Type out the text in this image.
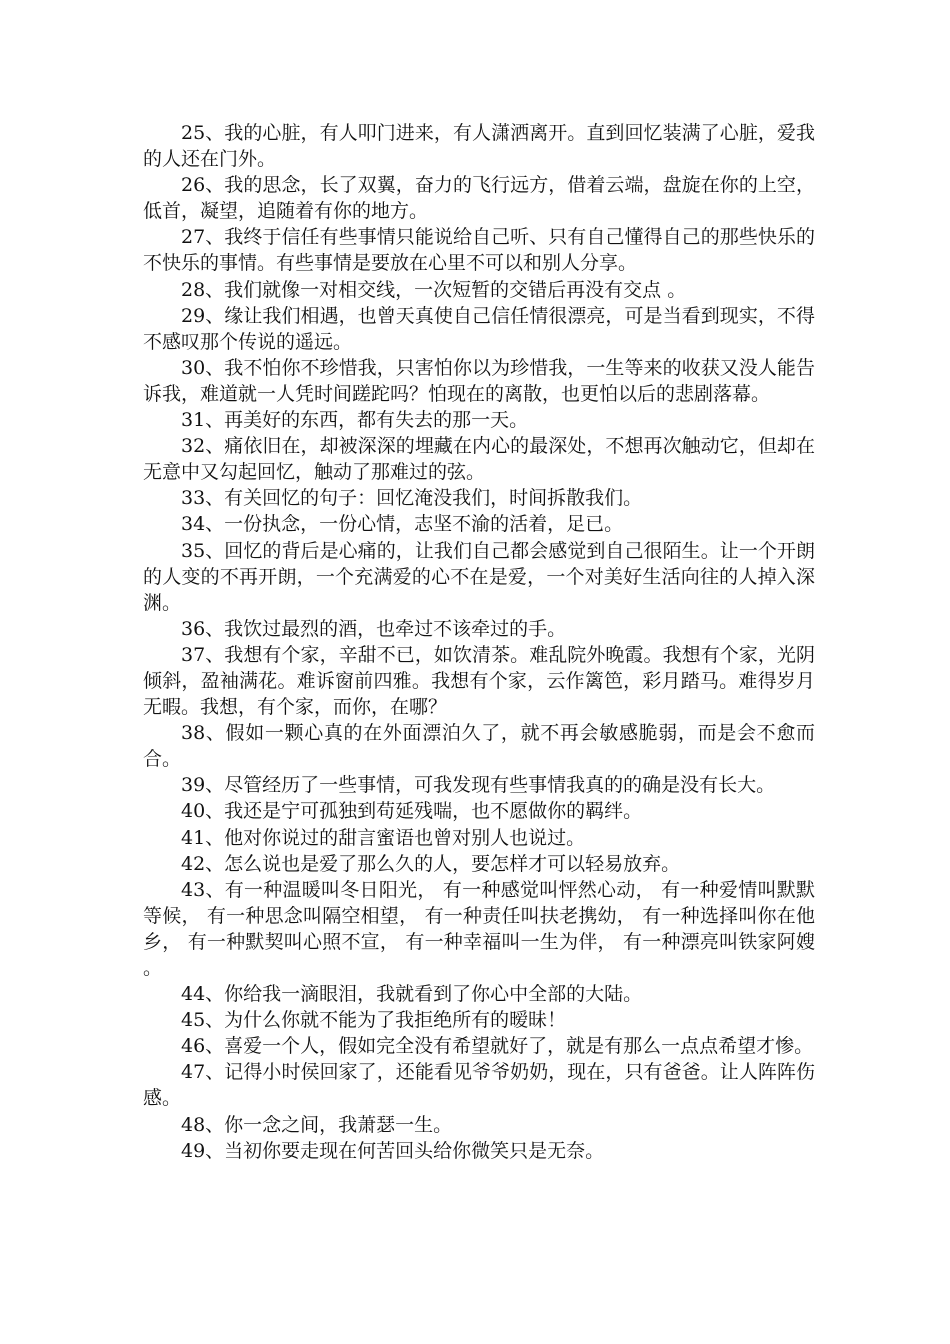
25、我的心脏，有人叩门进来，有人潇洒离开。直到回忆装满了心脏，爱我的人还在门外。

26、我的思念，长了双翼，奋力的飞行远方，借着云端，盘旋在你的上空，低首，凝望，追随着有你的地方。

27、我终于信任有些事情只能说给自己听、只有自己懂得自己的那些快乐的不快乐的事情。有些事情是要放在心里不可以和别人分享。

28、我们就像一对相交线，一次短暂的交错后再没有交点 。

29、缘让我们相遇，也曾天真使自己信任情很漂亮，可是当看到现实，不得不感叹那个传说的遥远。

30、我不怕你不珍惜我，只害怕你以为珍惜我，一生等来的收获又没人能告诉我，难道就一人凭时间蹉跎吗？怕现在的离散，也更怕以后的悲剧落幕。

31、再美好的东西，都有失去的那一天。

32、痛依旧在，却被深深的埋藏在内心的最深处，不想再次触动它，但却在无意中又勾起回忆，触动了那难过的弦。

33、有关回忆的句子：回忆淹没我们，时间拆散我们。

34、一份执念，一份心情，志坚不渝的活着，足已。

35、回忆的背后是心痛的，让我们自己都会感觉到自己很陌生。让一个开朗的人变的不再开朗，一个充满爱的心不在是爱，一个对美好生活向往的人掉入深渊。

36、我饮过最烈的酒，也牵过不该牵过的手。

37、我想有个家，辛甜不已，如饮清茶。难乱院外晚霞。我想有个家，光阴倾斜，盈袖满花。难诉窗前四雅。我想有个家，云作篱笆，彩月踏马。难得岁月无暇。我想，有个家，而你，在哪？

38、假如一颗心真的在外面漂泊久了，就不再会敏感脆弱，而是会不愈而合。

39、尽管经历了一些事情，可我发现有些事情我真的的确是没有长大。

40、我还是宁可孤独到苟延残喘，也不愿做你的羁绊。

41、他对你说过的甜言蜜语也曾对别人也说过。

42、怎么说也是爱了那么久的人，要怎样才可以轻易放弃。

43、有一种温暖叫冬日阳光， 有一种感觉叫怦然心动， 有一种爱情叫默默等候， 有一种思念叫隔空相望， 有一种责任叫扶老携幼， 有一种选择叫你在他乡， 有一种默契叫心照不宣， 有一种幸福叫一生为伴， 有一种漂亮叫铁家阿嫂 。

44、你给我一滴眼泪，我就看到了你心中全部的大陆。

45、为什么你就不能为了我拒绝所有的暧昧！

46、喜爱一个人，假如完全没有希望就好了，就是有那么一点点希望才惨。

47、记得小时侯回家了，还能看见爷爷奶奶，现在，只有爸爸。让人阵阵伤感。

48、你一念之间，我萧瑟一生。

49、当初你要走现在何苦回头给你微笑只是无奈。
